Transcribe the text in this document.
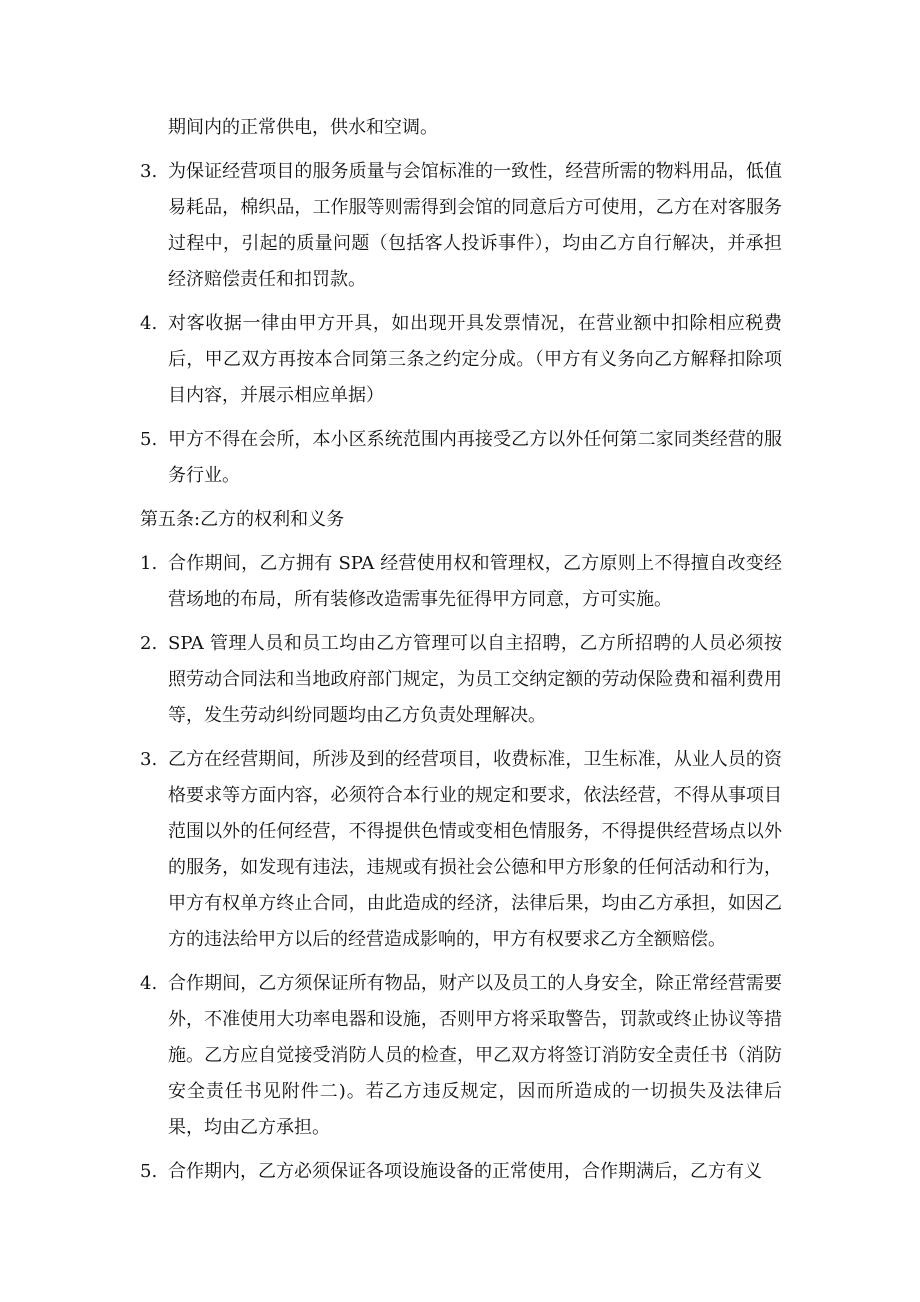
期间内的正常供电，供水和空调。

3. 为保证经营项目的服务质量与会馆标准的一致性，经营所需的物料用品，低值易耗品，棉织品，工作服等则需得到会馆的同意后方可使用，乙方在对客服务过程中，引起的质量问题（包括客人投诉事件），均由乙方自行解决，并承担经济赔偿责任和扣罚款。
4. 对客收据一律由甲方开具，如出现开具发票情况，在营业额中扣除相应税费后，甲乙双方再按本合同第三条之约定分成。（甲方有义务向乙方解释扣除项目内容，并展示相应单据）
5. 甲方不得在会所，本小区系统范围内再接受乙方以外任何第二家同类经营的服务行业。
第五条:乙方的权利和义务
1. 合作期间，乙方拥有 SPA 经营使用权和管理权，乙方原则上不得擅自改变经营场地的布局，所有装修改造需事先征得甲方同意，方可实施。
2. SPA 管理人员和员工均由乙方管理可以自主招聘，乙方所招聘的人员必须按照劳动合同法和当地政府部门规定，为员工交纳定额的劳动保险费和福利费用等，发生劳动纠纷同题均由乙方负责处理解决。
3. 乙方在经营期间，所涉及到的经营项目，收费标准，卫生标准，从业人员的资格要求等方面内容，必须符合本行业的规定和要求，依法经营，不得从事项目范围以外的任何经营，不得提供色情或变相色情服务，不得提供经营场点以外的服务，如发现有违法，违规或有损社会公德和甲方形象的任何活动和行为，甲方有权单方终止合同，由此造成的经济，法律后果，均由乙方承担，如因乙方的违法给甲方以后的经营造成影响的，甲方有权要求乙方全额赔偿。
4. 合作期间，乙方须保证所有物品，财产以及员工的人身安全，除正常经营需要外，不准使用大功率电器和设施，否则甲方将采取警告，罚款或终止协议等措施。乙方应自觉接受消防人员的检查，甲乙双方将签订消防安全责任书（消防安全责任书见附件二)。若乙方违反规定，因而所造成的一切损失及法律后果，均由乙方承担。
5. 合作期内，乙方必须保证各项设施设备的正常使用，合作期满后，乙方有义
